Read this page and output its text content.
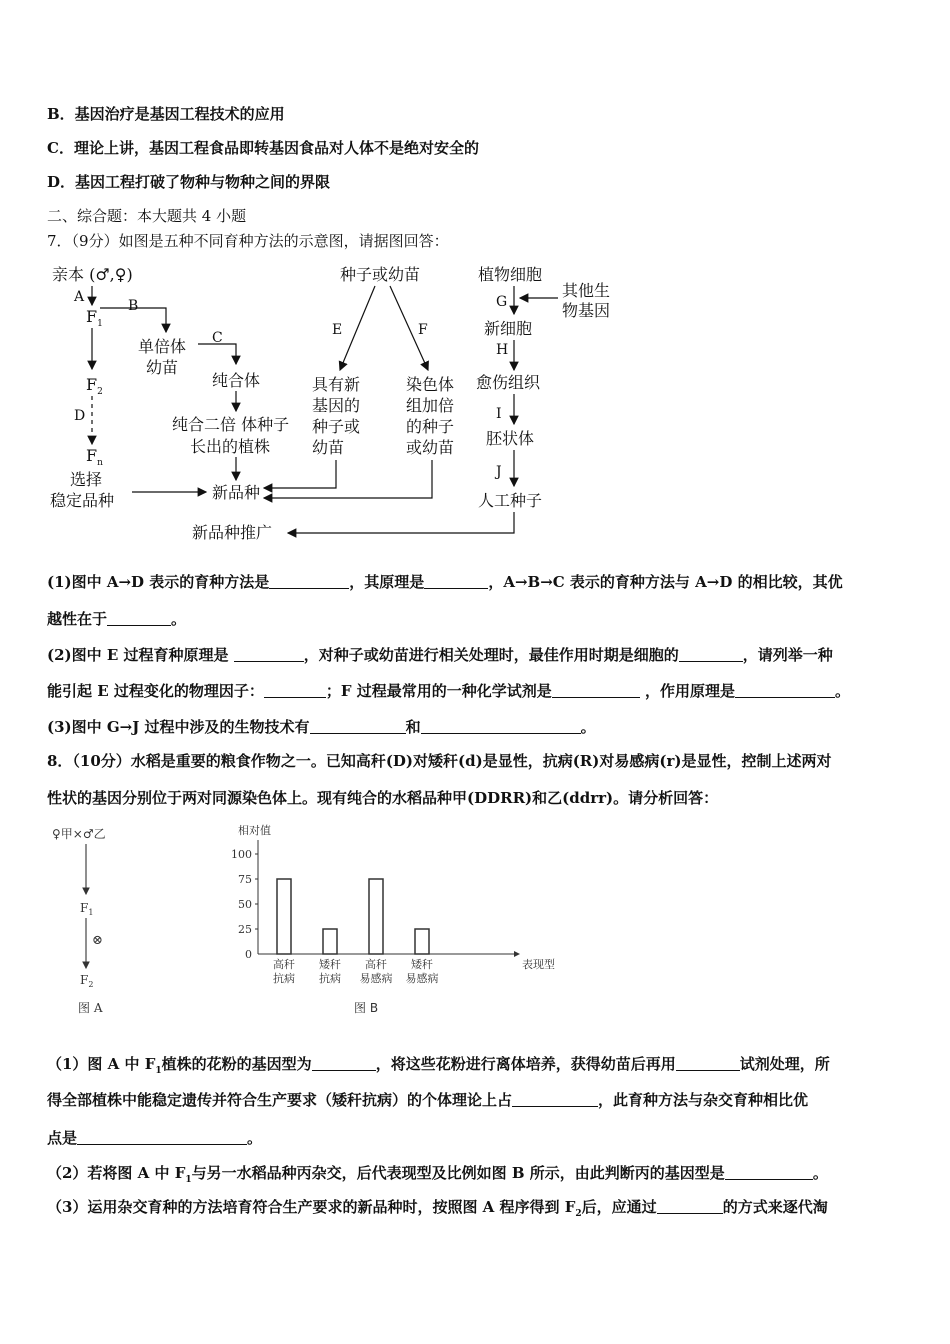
B．基因治疗是基因工程技术的应用
C．理论上讲，基因工程食品即转基因食品对人体不是绝对安全的
D．基因工程打破了物种与物种之间的界限
二、综合题：本大题共 4 小题
7．（9分）如图是五种不同育种方法的示意图，请据图回答：
亲本 (♂,♀)
A
B
$F_1$
单倍体
幼苗
C
$F_2$
D
$F_n$
选择
稳定品种
纯合体
纯合二倍 体种子
长出的植株
新品种
新品种推广
种子或幼苗
E	F
具有新
基因的
种子或
幼苗
染色体
组加倍
的种子
或幼苗
植物细胞
G
其他生
物基因
新细胞
H
愈伤组织
I
胚状体
J
人工种子
(1)图中 A→D 表示的育种方法是	，其原理是	，A→B→C 表示的育种方法与 A→D 的相比较，其优
越性在于	。
(2)图中 E 过程育种原理是	，对种子或幼苗进行相关处理时，最佳作用时期是细胞的	，请列举一种
能引起 E 过程变化的物理因子：	；F 过程最常用的一种化学试剂是	，作用原理是	。
(3)图中 G→J 过程中涉及的生物技术有	和	。
8．（10分）水稻是重要的粮食作物之一。已知高秆(D)对矮秆(d)是显性，抗病(R)对易感病(r)是显性，控制上述两对
性状的基因分别位于两对同源染色体上。现有纯合的水稻品种甲(DDRR)和乙(ddrr)。请分析回答：
♀甲×♂乙
$F_1$
⊗
$F_2$
图 A
相对值
表现型
0
25
50
75
100
高秆
抗病
矮秆
抗病
高秆
易感病
矮秆
易感病
图 B
（1）图 A 中 $F_1$植株的花粉的基因型为	，将这些花粉进行离体培养，获得幼苗后再用	试剂处理，所
得全部植株中能稳定遗传并符合生产要求（矮秆抗病）的个体理论上占	，此育种方法与杂交育种相比优
点是	。
（2）若将图 A 中 $F_1$与另一水稻品种丙杂交，后代表现型及比例如图 B 所示，由此判断丙的基因型是	。
（3）运用杂交育种的方法培育符合生产要求的新品种时，按照图 A 程序得到 $F_2$后，应通过	的方式来逐代淘
